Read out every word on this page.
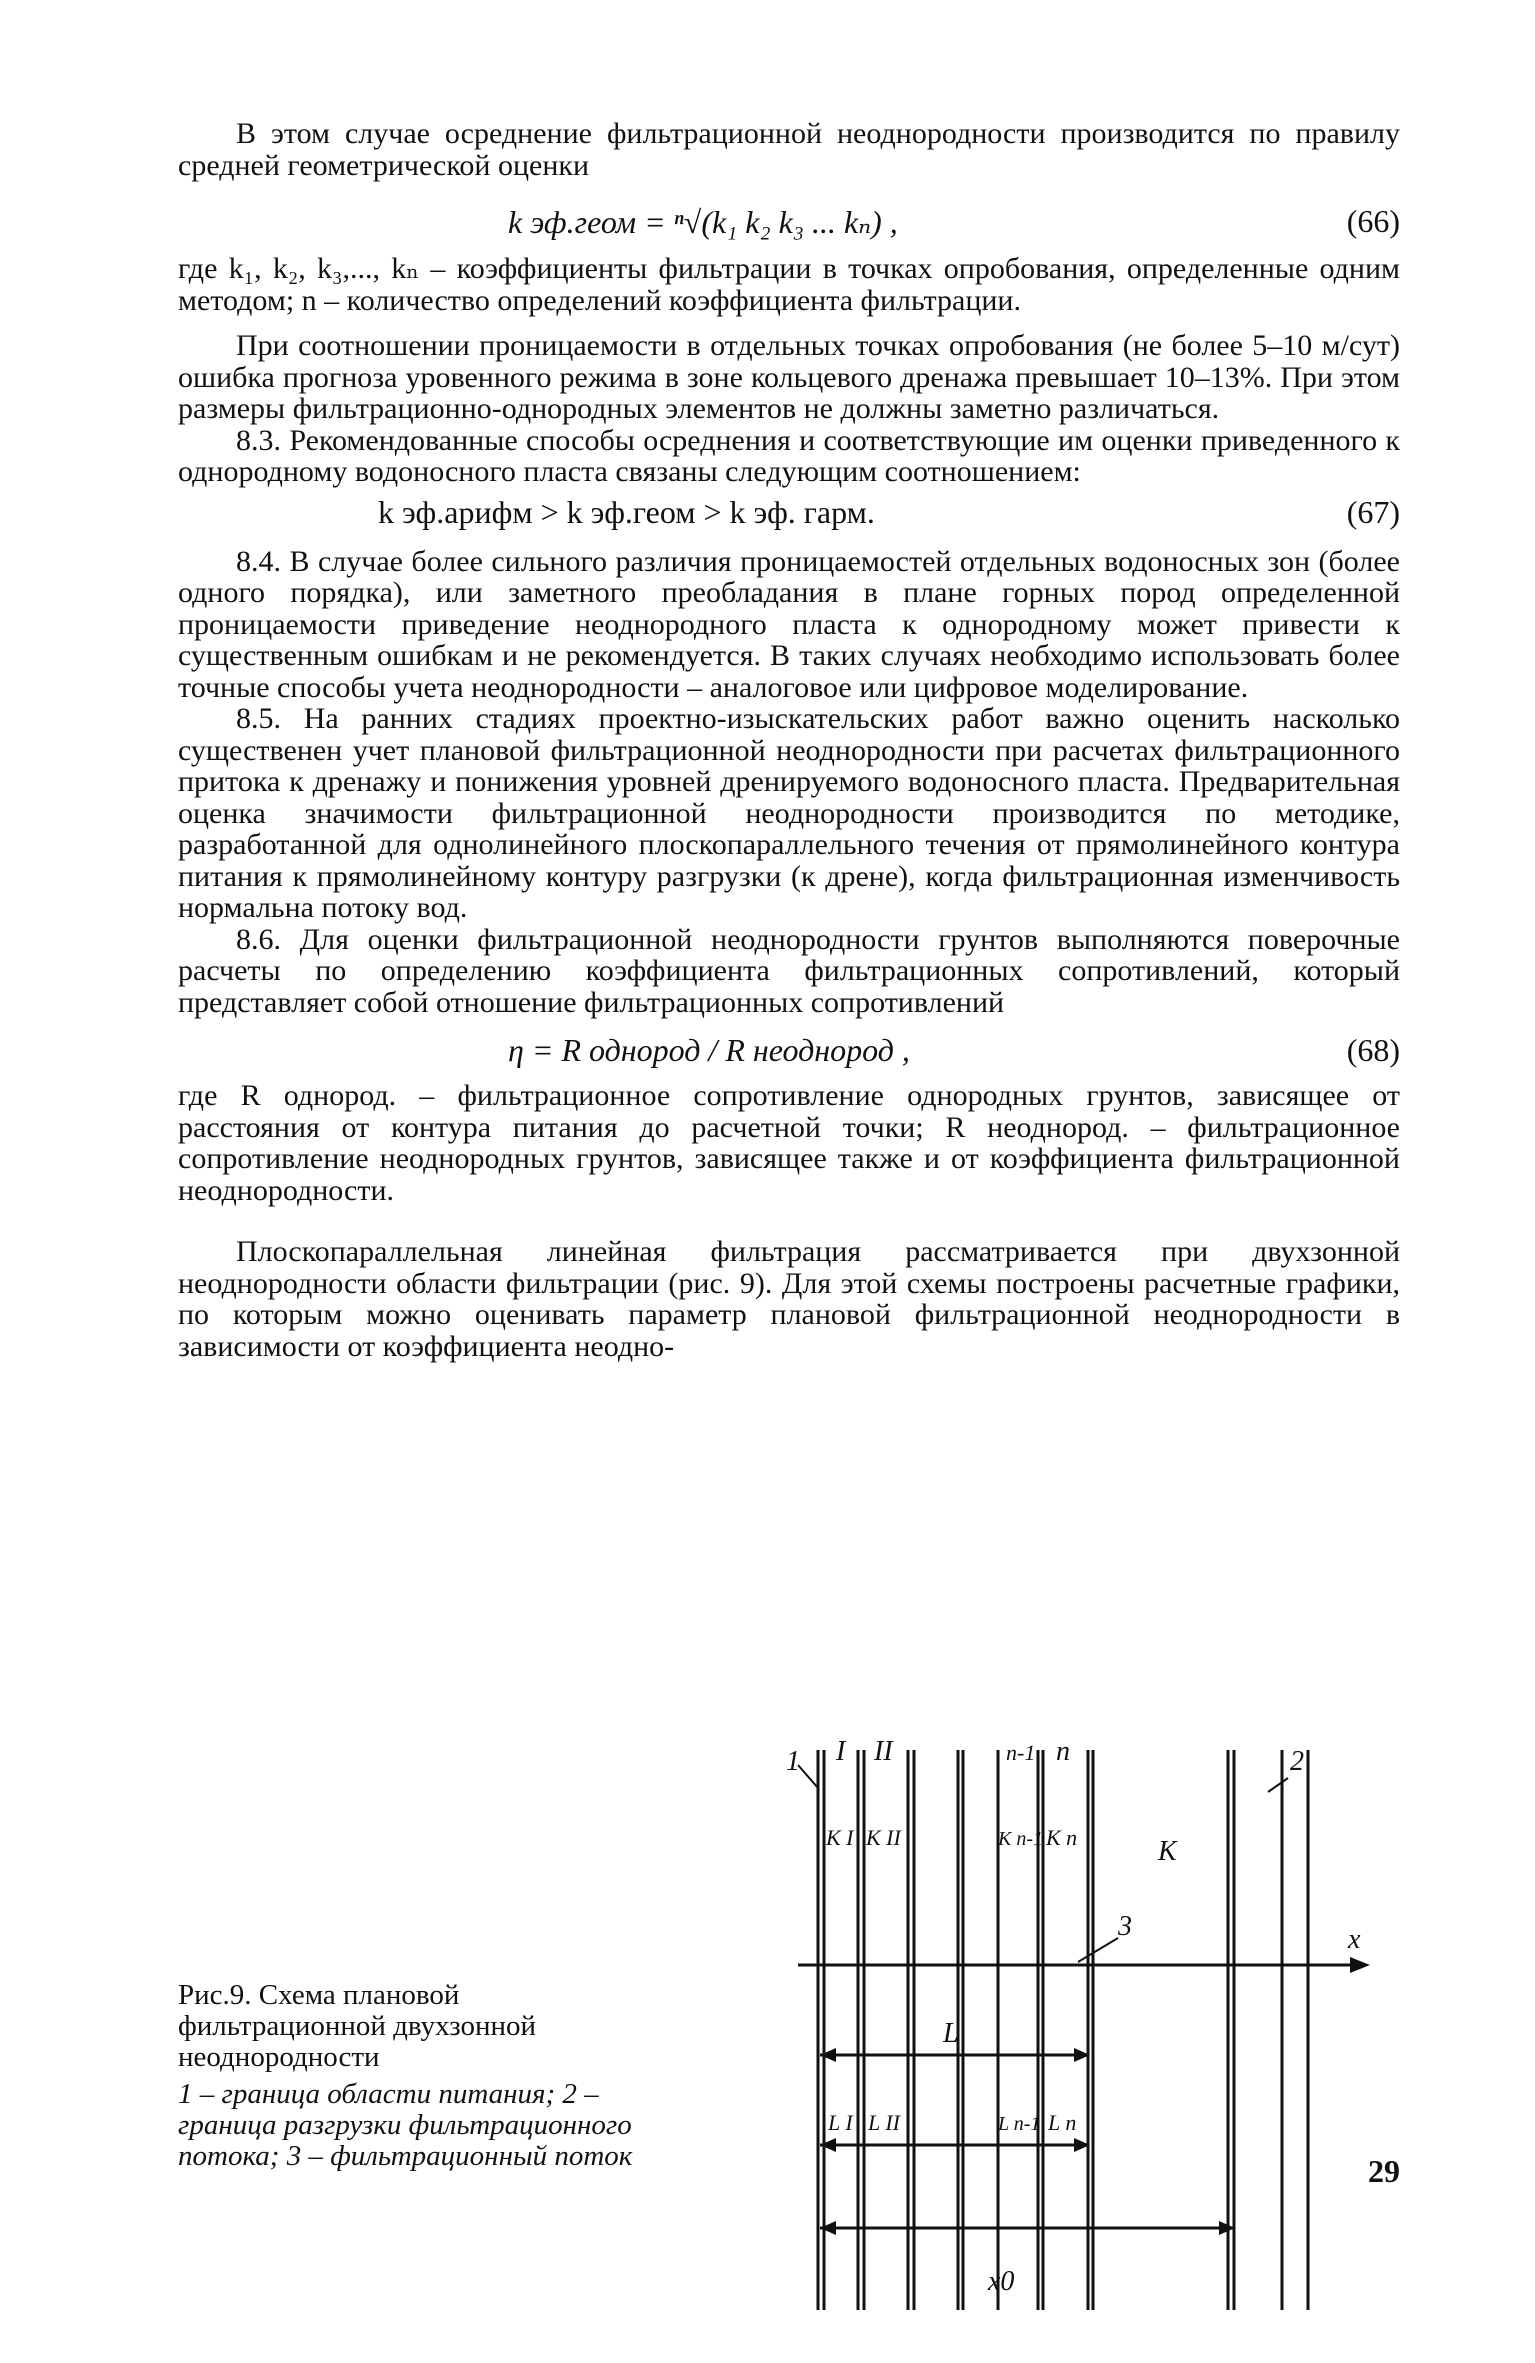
В этом случае осреднение фильтрационной неоднородности производится по правилу средней геометрической оценки

k эф.геом = ⁿ√(k₁ k₂ k₃ ... kₙ) ,	(66)

где k₁, k₂, k₃,..., kₙ – коэффициенты фильтрации в точках опробования, определенные одним методом; n – количество определений коэффициента фильтрации.

При соотношении проницаемости в отдельных точках опробования (не более 5–10 м/сут) ошибка прогноза уровенного режима в зоне кольцевого дренажа превышает 10–13%. При этом размеры фильтрационно-однородных элементов не должны заметно различаться.

8.3. Рекомендованные способы осреднения и соответствующие им оценки приведенного к однородному водоносного пласта связаны следующим соотношением:

k эф.арифм > k эф.геом > k эф. гарм.	(67)

8.4. В случае более сильного различия проницаемостей отдельных водоносных зон (более одного порядка), или заметного преобладания в плане горных пород определенной проницаемости приведение неоднородного пласта к однородному может привести к существенным ошибкам и не рекомендуется. В таких случаях необходимо использовать более точные способы учета неоднородности – аналоговое или цифровое моделирование.

8.5. На ранних стадиях проектно-изыскательских работ важно оценить насколько существенен учет плановой фильтрационной неоднородности при расчетах фильтрационного притока к дренажу и понижения уровней дренируемого водоносного пласта. Предварительная оценка значимости фильтрационной неоднородности производится по методике, разработанной для однолинейного плоскопараллельного течения от прямолинейного контура питания к прямолинейному контуру разгрузки (к дрене), когда фильтрационная изменчивость нормальна потоку вод.

8.6. Для оценки фильтрационной неоднородности грунтов выполняются поверочные расчеты по определению коэффициента фильтрационных сопротивлений, который представляет собой отношение фильтрационных сопротивлений

η = R однород / R неоднород ,	(68)

где R однород. – фильтрационное сопротивление однородных грунтов, зависящее от расстояния от контура питания до расчетной точки; R неоднород. – фильтрационное сопротивление неоднородных грунтов, зависящее также и от коэффициента фильтрационной неоднородности.

Плоскопараллельная линейная фильтрация рассматривается при двухзонной неоднородности области фильтрации (рис. 9). Для этой схемы построены расчетные графики, по которым можно оценивать параметр плановой фильтрационной неоднородности в зависимости от коэффициента неодно-

Рис.9. Схема плановой фильтрационной двухзонной неоднородности
1 – граница области питания; 2 – граница разгрузки фильтрационного потока; 3 – фильтрационный поток
1 I II	n-1 n	2
K I K II	K n-1 K n	K
3	x
L
L I L II	L n-1 L n
x0
29
